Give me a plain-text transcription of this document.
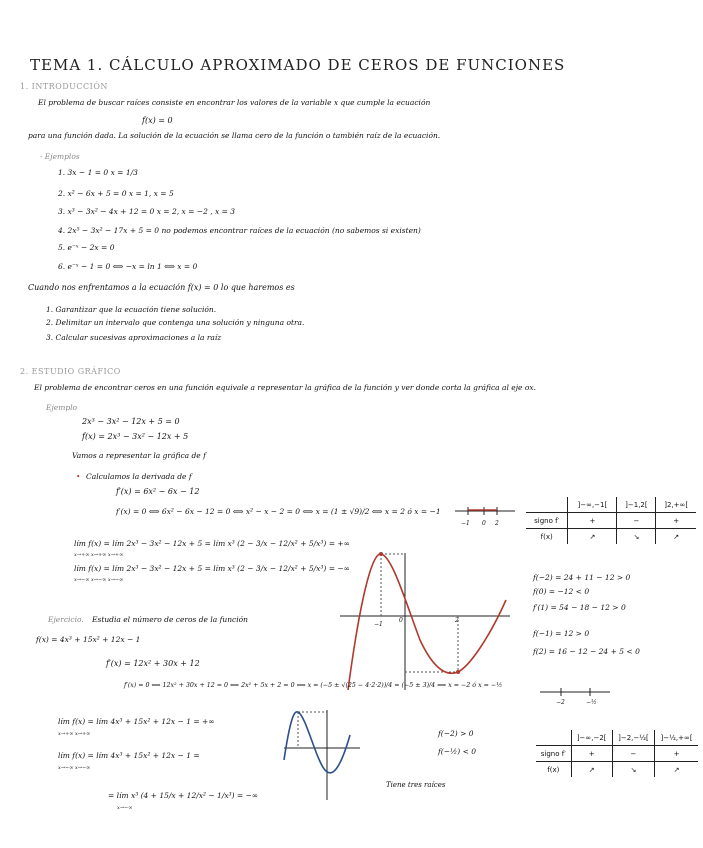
TEMA 1. CÁLCULO APROXIMADO DE CEROS DE FUNCIONES
1. INTRODUCCIÓN
El problema de buscar raíces consiste en encontrar los valores de la variable x que cumple la ecuación
f(x) = 0
para una función dada. La solución de la ecuación se llama cero de la función o también raíz de la ecuación.
· Ejemplos
1. 3x − 1 = 0 x = 1/3
2. x² − 6x + 5 = 0 x = 1, x = 5
3. x³ − 3x² − 4x + 12 = 0 x = 2, x = −2 , x = 3
4. 2x⁵ − 3x² − 17x + 5 = 0 no podemos encontrar raíces de la ecuación (no sabemos si existen)
5. e⁻ˣ − 2x = 0
6. e⁻ˣ − 1 = 0 ⟺ −x = ln 1 ⟺ x = 0
Cuando nos enfrentamos a la ecuación f(x) = 0 lo que haremos es
1. Garantizar que la ecuación tiene solución.
2. Delimitar un intervalo que contenga una solución y ninguna otra.
3. Calcular sucesivas aproximaciones a la raíz
2. ESTUDIO GRÁFICO
El problema de encontrar ceros en una función equivale a representar la gráfica de la función y ver donde corta la gráfica al eje ox.
Ejemplo
2x³ − 3x² − 12x + 5 = 0
f(x) = 2x³ − 3x² − 12x + 5
Vamos a representar la gráfica de f
• Calculamos la derivada de f
f′(x) = 6x² − 6x − 12
f′(x) = 0 ⟺ 6x² − 6x − 12 = 0 ⟺ x² − x − 2 = 0 ⟺ x = (1 ± √9)/2 ⟺ x = 2 ó x = −1
lím f(x) = lím 2x³ − 3x² − 12x + 5 = lím x³ (2 − 3/x − 12/x² + 5/x³) = +∞
x→+∞ x→+∞ x→+∞
lím f(x) = lím 2x³ − 3x² − 12x + 5 = lím x³ (2 − 3/x − 12/x² + 5/x³) = −∞
x→−∞ x→−∞ x→−∞
−1 0 2
−1
0	2
	]−∞,−1[	]−1,2[	]2,+∞[
signo f′	+	−	+
f(x)	↗	↘	↗
f(−2) = 24 + 11 − 12 > 0
f(0) = −12 < 0
f′(1) = 54 − 18 − 12 > 0
f(−1) = 12 > 0
f(2) = 16 − 12 − 24 + 5 < 0
Ejercicio. Estudia el número de ceros de la función
f(x) = 4x³ + 15x² + 12x − 1
f′(x) = 12x² + 30x + 12
f′(x) = 0 ⟺ 12x² + 30x + 12 = 0 ⟺ 2x² + 5x + 2 = 0 ⟺ x = (−5 ± √(25 − 4·2·2))/4 = (−5 ± 3)/4 ⟺ x = −2 ó x = −½
−2	−½
lím f(x) = lím 4x³ + 15x² + 12x − 1 = +∞
x→+∞ x→+∞
lím f(x) = lím 4x³ + 15x² + 12x − 1 =
x→−∞ x→−∞
= lím x³ (4 + 15/x + 12/x² − 1/x³) = −∞
x→−∞
f(−2) > 0
f(−½) < 0
Tiene tres raíces
	]−∞,−2[	]−2,−½[	]−½,+∞[
signo f′	+	−	+
f(x)	↗	↘	↗
